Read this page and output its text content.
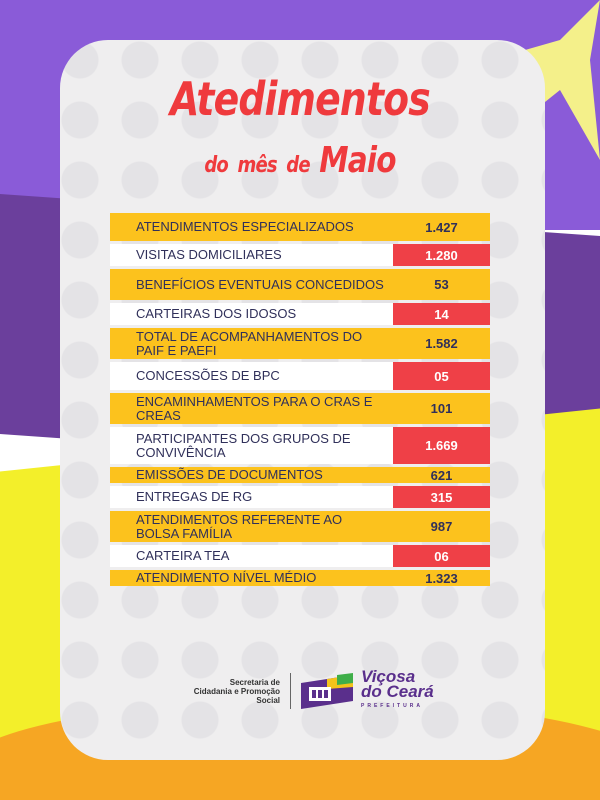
Atedimentos
do mês de Maio
ATENDIMENTOS ESPECIALIZADOS	1.427
VISITAS DOMICILIARES	1.280
BENEFÍCIOS EVENTUAIS CONCEDIDOS	53
CARTEIRAS DOS IDOSOS	14
TOTAL DE ACOMPANHAMENTOS DO PAIF E PAEFI	1.582
CONCESSÕES DE BPC	05
ENCAMINHAMENTOS PARA O CRAS E CREAS	101
PARTICIPANTES DOS GRUPOS DE CONVIVÊNCIA	1.669
EMISSÕES DE DOCUMENTOS	621
ENTREGAS DE RG	315
ATENDIMENTOS REFERENTE AO BOLSA FAMÍLIA	987
CARTEIRA TEA	06
ATENDIMENTO NÍVEL MÉDIO	1.323
Secretaria de
Cidadania e Promoção
Social
Viçosa
do Ceará
PREFEITURA
